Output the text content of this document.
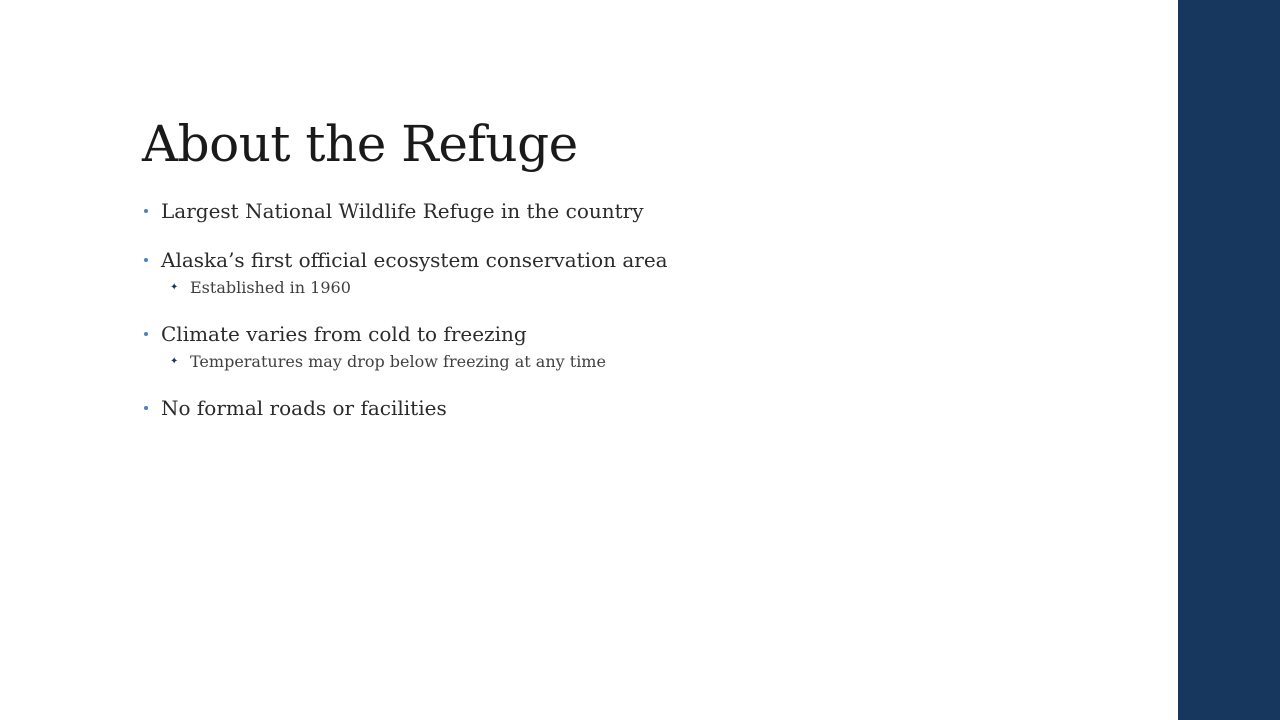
About the Refuge
Largest National Wildlife Refuge in the country
Alaska’s first official ecosystem conservation area
✦ Established in 1960
Climate varies from cold to freezing
✦ Temperatures may drop below freezing at any time
No formal roads or facilities
